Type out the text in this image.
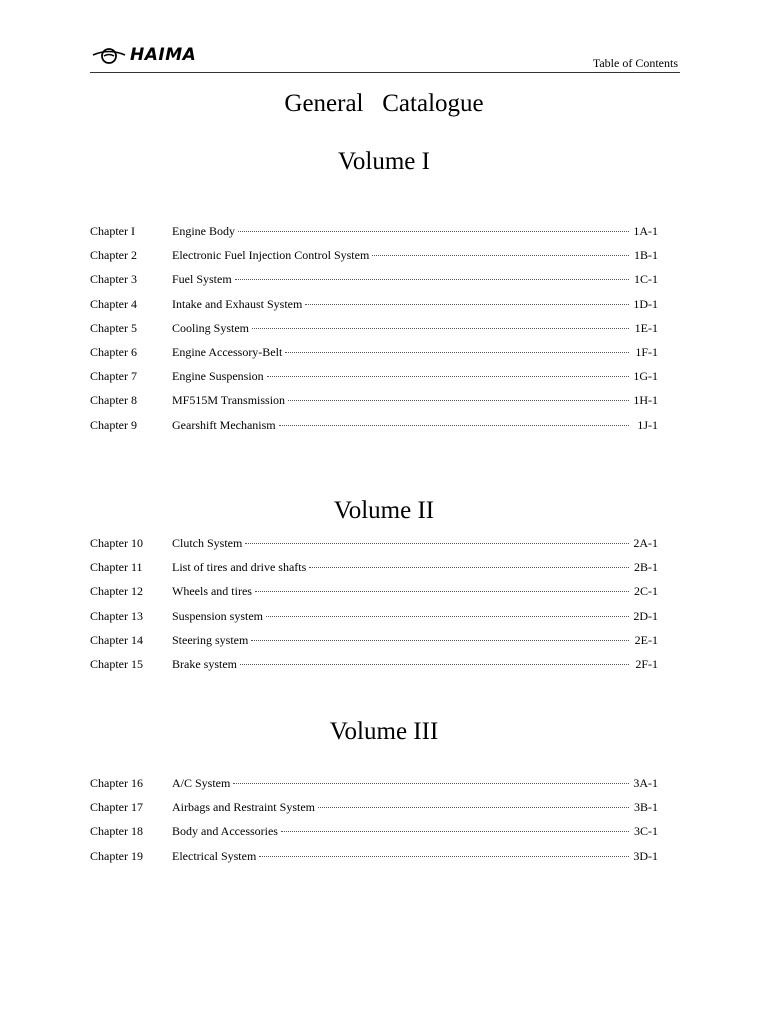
HAIMA	Table of Contents
General   Catalogue
Volume I
Chapter I	Engine Body	1A-1
Chapter 2	Electronic Fuel Injection Control System	1B-1
Chapter 3	Fuel System	1C-1
Chapter 4	Intake and Exhaust System	1D-1
Chapter 5	Cooling System	1E-1
Chapter 6	Engine Accessory-Belt	1F-1
Chapter 7	Engine Suspension	1G-1
Chapter 8	MF515M Transmission	1H-1
Chapter 9	Gearshift Mechanism	1J-1
Volume II
Chapter 10	Clutch System	2A-1
Chapter 11	List of tires and drive shafts	2B-1
Chapter 12	Wheels and tires	2C-1
Chapter 13	Suspension system	2D-1
Chapter 14	Steering system	2E-1
Chapter 15	Brake system	2F-1
Volume III
Chapter 16	A/C System	3A-1
Chapter 17	Airbags and Restraint System	3B-1
Chapter 18	Body and Accessories	3C-1
Chapter 19	Electrical System	3D-1
